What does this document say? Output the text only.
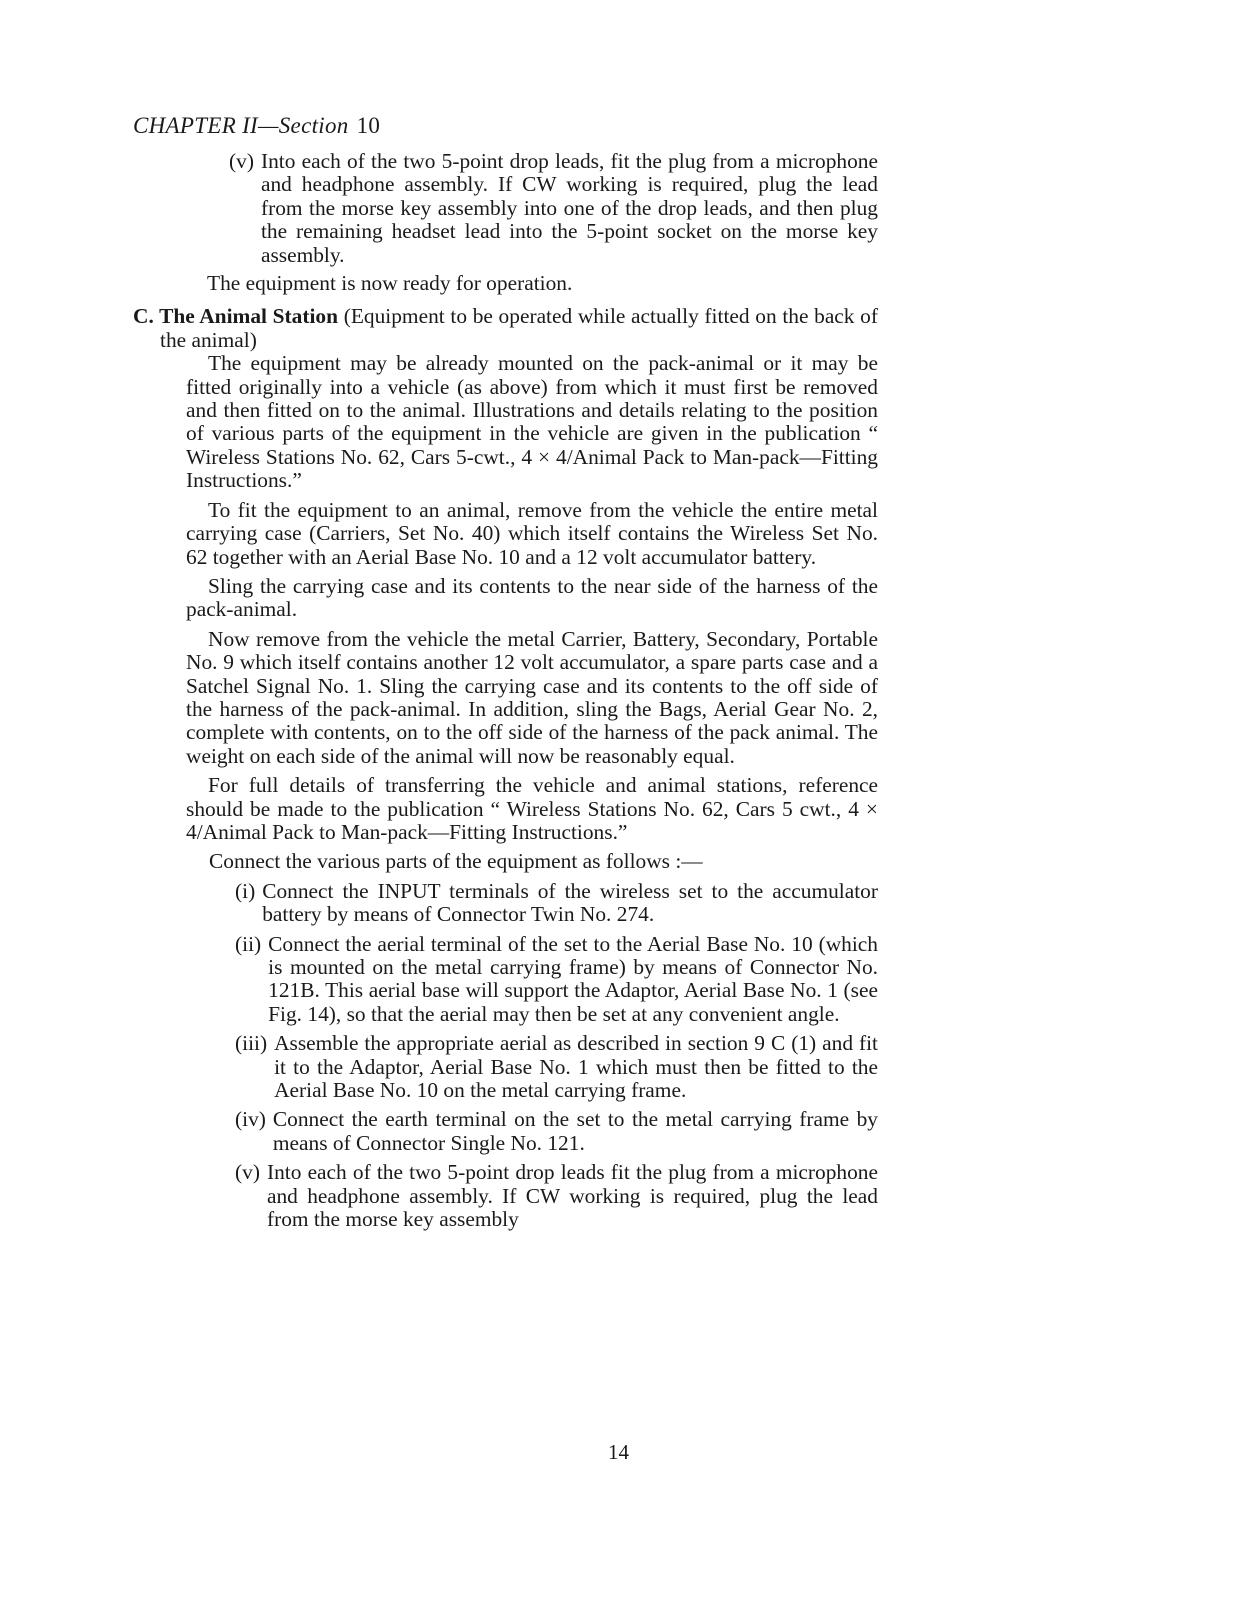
CHAPTER II—Section 10
(v) Into each of the two 5-point drop leads, fit the plug from a microphone and headphone assembly. If CW working is required, plug the lead from the morse key assembly into one of the drop leads, and then plug the remaining headset lead into the 5-point socket on the morse key assembly.
The equipment is now ready for operation.
C. The Animal Station (Equipment to be operated while actually fitted on the back of the animal)
The equipment may be already mounted on the pack-animal or it may be fitted originally into a vehicle (as above) from which it must first be removed and then fitted on to the animal. Illustrations and details relating to the position of various parts of the equipment in the vehicle are given in the publication “ Wireless Stations No. 62, Cars 5-cwt., 4 × 4/Animal Pack to Man-pack—Fitting Instructions.”
To fit the equipment to an animal, remove from the vehicle the entire metal carrying case (Carriers, Set No. 40) which itself contains the Wireless Set No. 62 together with an Aerial Base No. 10 and a 12 volt accumulator battery.
Sling the carrying case and its contents to the near side of the harness of the pack-animal.
Now remove from the vehicle the metal Carrier, Battery, Secondary, Portable No. 9 which itself contains another 12 volt accumulator, a spare parts case and a Satchel Signal No. 1. Sling the carrying case and its contents to the off side of the harness of the pack-animal. In addition, sling the Bags, Aerial Gear No. 2, complete with contents, on to the off side of the harness of the pack animal. The weight on each side of the animal will now be reasonably equal.
For full details of transferring the vehicle and animal stations, reference should be made to the publication “ Wireless Stations No. 62, Cars 5 cwt., 4 × 4/Animal Pack to Man-pack—Fitting Instructions.”
Connect the various parts of the equipment as follows :—
(i) Connect the INPUT terminals of the wireless set to the accumulator battery by means of Connector Twin No. 274.
(ii) Connect the aerial terminal of the set to the Aerial Base No. 10 (which is mounted on the metal carrying frame) by means of Connector No. 121B. This aerial base will support the Adaptor, Aerial Base No. 1 (see Fig. 14), so that the aerial may then be set at any convenient angle.
(iii) Assemble the appropriate aerial as described in section 9 C (1) and fit it to the Adaptor, Aerial Base No. 1 which must then be fitted to the Aerial Base No. 10 on the metal carrying frame.
(iv) Connect the earth terminal on the set to the metal carrying frame by means of Connector Single No. 121.
(v) Into each of the two 5-point drop leads fit the plug from a microphone and headphone assembly. If CW working is required, plug the lead from the morse key assembly
14
